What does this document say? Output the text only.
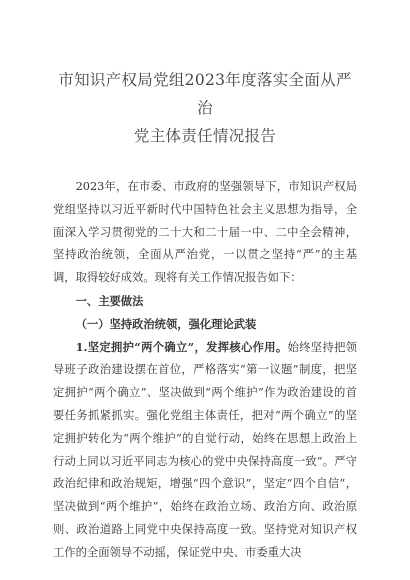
市知识产权局党组2023年度落实全面从严治

党主体责任情况报告

2023年，在市委、市政府的坚强领导下，市知识产权局党组坚持以习近平新时代中国特色社会主义思想为指导，全面深入学习贯彻党的二十大和二十届一中、二中全会精神，坚持政治统领，全面从严治党，一以贯之坚持“严”的主基调，取得较好成效。现将有关工作情况报告如下：

一、主要做法

（一）坚持政治统领，强化理论武装

1.坚定拥护“两个确立”，发挥核心作用。始终坚持把领导班子政治建设摆在首位，严格落实“第一议题”制度，把坚定拥护“两个确立”、坚决做到“两个维护”作为政治建设的首要任务抓紧抓实。强化党组主体责任，把对“两个确立”的坚定拥护转化为“两个维护”的自觉行动，始终在思想上政治上行动上同以习近平同志为核心的党中央保持高度一致”。严守政治纪律和政治规矩，增强“四个意识”，坚定“四个自信”，坚决做到“两个维护”，始终在政治立场、政治方向、政治原则、政治道路上同党中央保持高度一致。坚持党对知识产权工作的全面领导不动摇，保证党中央、市委重大决
